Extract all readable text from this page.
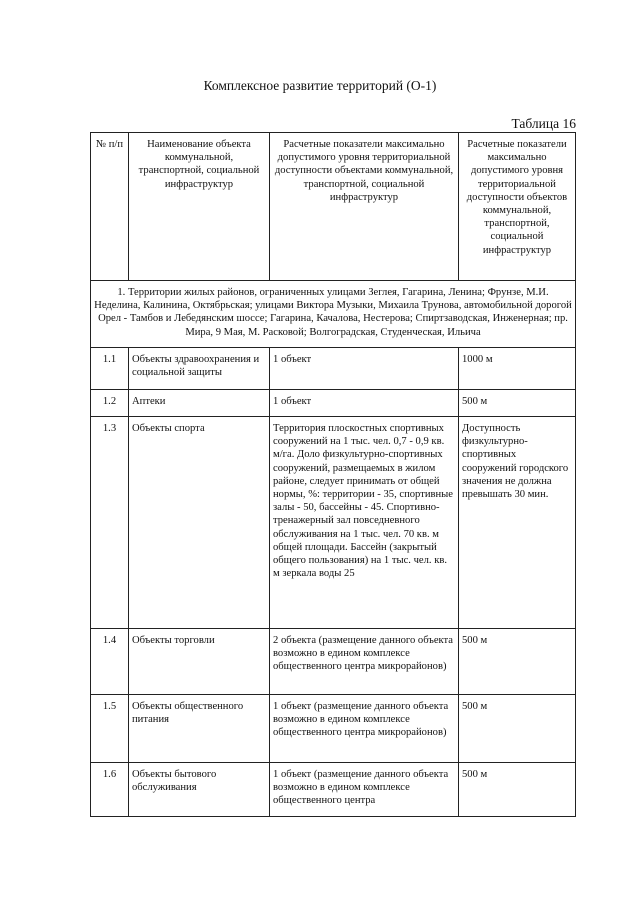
Комплексное развитие территорий (О-1)
Таблица 16
№ п/п	Наименование объекта коммунальной, транспортной, социальной инфраструктур	Расчетные показатели максимально допустимого уровня территориальной доступности объектами коммунальной, транспортной, социальной инфраструктур	Расчетные показатели максимально допустимого уровня территориальной доступности объектов коммунальной, транспортной, социальной инфраструктур
1. Территории жилых районов, ограниченных улицами Зеглея, Гагарина, Ленина; Фрунзе, М.И. Неделина, Калинина, Октябрьская; улицами Виктора Музыки, Михаила Трунова, автомобильной дорогой Орел - Тамбов и Лебедянским шоссе; Гагарина, Качалова, Нестерова; Спиртзаводская, Инженерная; пр. Мира, 9 Мая, М. Расковой; Волгоградская, Студенческая, Ильича			
1.1	Объекты здравоохранения и социальной защиты	1 объект	1000 м
1.2	Аптеки	1 объект	500 м
1.3	Объекты спорта	Территория плоскостных спортивных сооружений на 1 тыс. чел. 0,7 - 0,9 кв. м/га. Доло физкультурно-спортивных сооружений, размещаемых в жилом районе, следует принимать от общей нормы, %: территории - 35, спортивные залы - 50, бассейны - 45. Спортивно-тренажерный зал повседневного обслуживания на 1 тыс. чел. 70 кв. м общей площади. Бассейн (закрытый общего пользования) на 1 тыс. чел. кв. м зеркала воды 25	Доступность физкультурно-спортивных сооружений городского значения не должна превышать 30 мин.
1.4	Объекты торговли	2 объекта (размещение данного объекта возможно в едином комплексе общественного центра микрорайонов)	500 м
1.5	Объекты общественного питания	1 объект (размещение данного объекта возможно в едином комплексе общественного центра микрорайонов)	500 м
1.6	Объекты бытового обслуживания	1 объект (размещение данного объекта возможно в едином комплексе общественного центра	500 м
